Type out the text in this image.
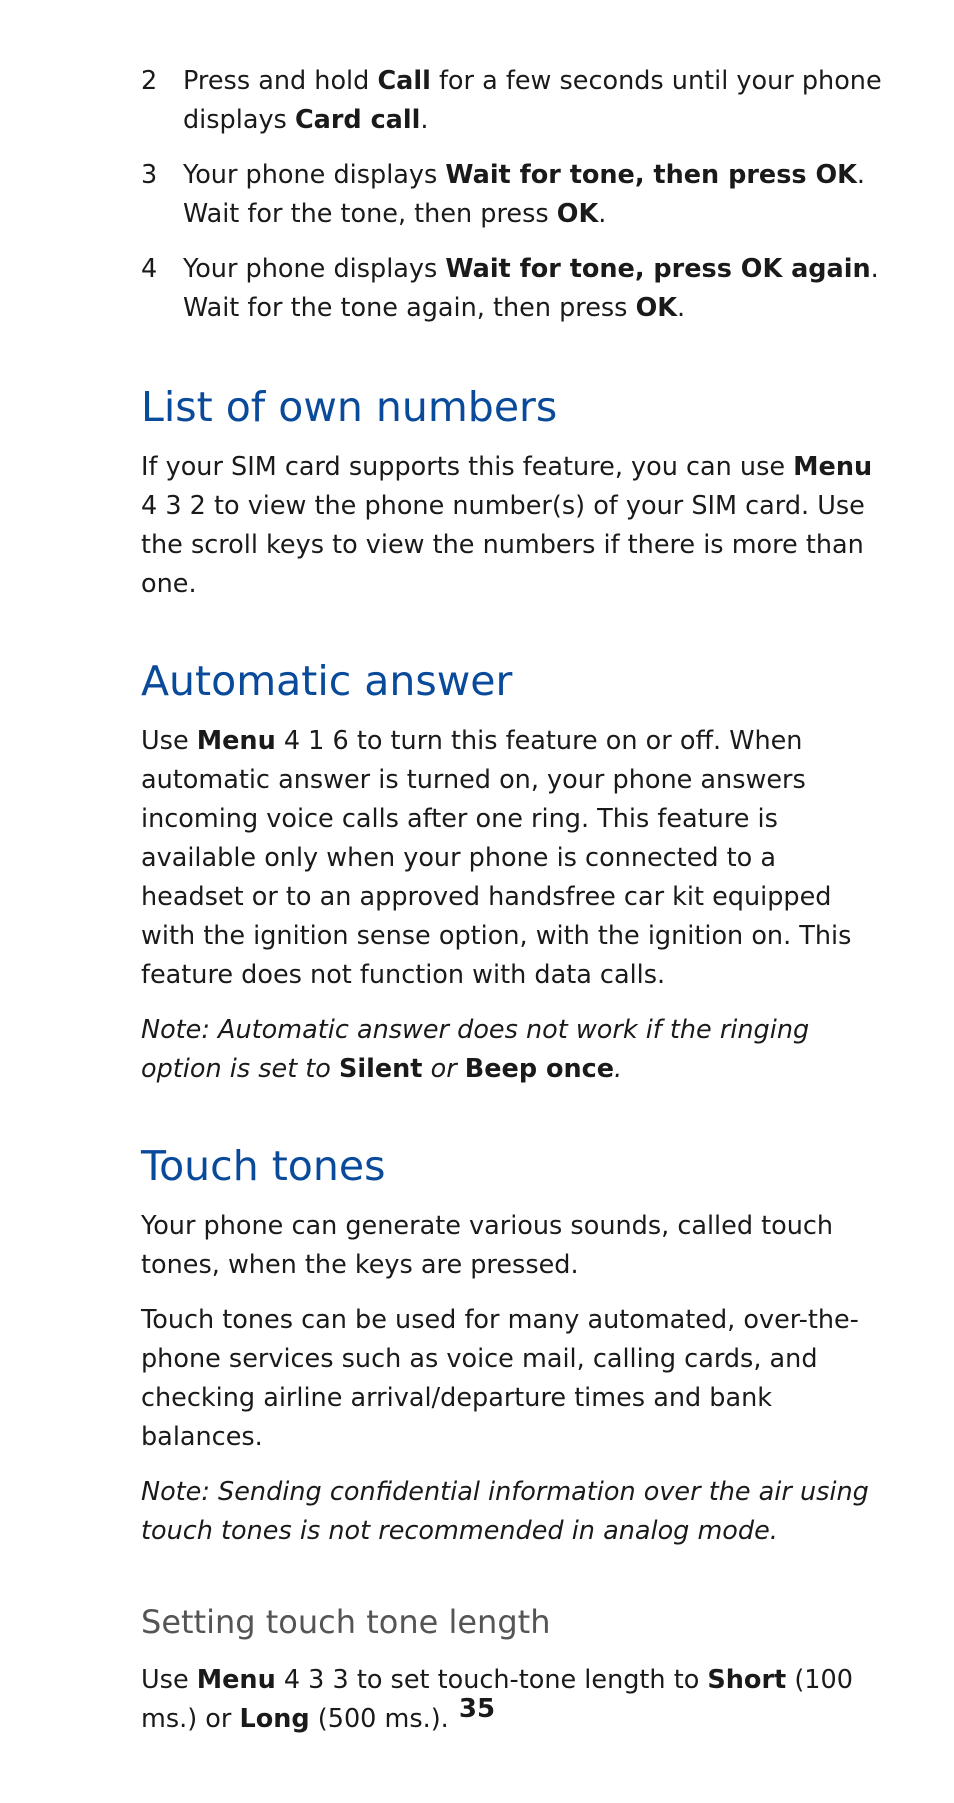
2	Press and hold Call for a few seconds until your phone displays Card call.
3	Your phone displays Wait for tone, then press OK. Wait for the tone, then press OK.
4	Your phone displays Wait for tone, press OK again. Wait for the tone again, then press OK.
List of own numbers

If your SIM card supports this feature, you can use Menu 4 3 2 to view the phone number(s) of your SIM card. Use the scroll keys to view the numbers if there is more than one.

Automatic answer

Use Menu 4 1 6 to turn this feature on or off. When automatic answer is turned on, your phone answers incoming voice calls after one ring. This feature is available only when your phone is connected to a headset or to an approved handsfree car kit equipped with the ignition sense option, with the ignition on. This feature does not function with data calls.

Note: Automatic answer does not work if the ringing option is set to Silent or Beep once.

Touch tones

Your phone can generate various sounds, called touch tones, when the keys are pressed.

Touch tones can be used for many automated, over-the-phone services such as voice mail, calling cards, and checking airline arrival/departure times and bank balances.

Note: Sending confidential information over the air using touch tones is not recommended in analog mode.

Setting touch tone length

Use Menu 4 3 3 to set touch-tone length to Short (100 ms.) or Long (500 ms.). 35
